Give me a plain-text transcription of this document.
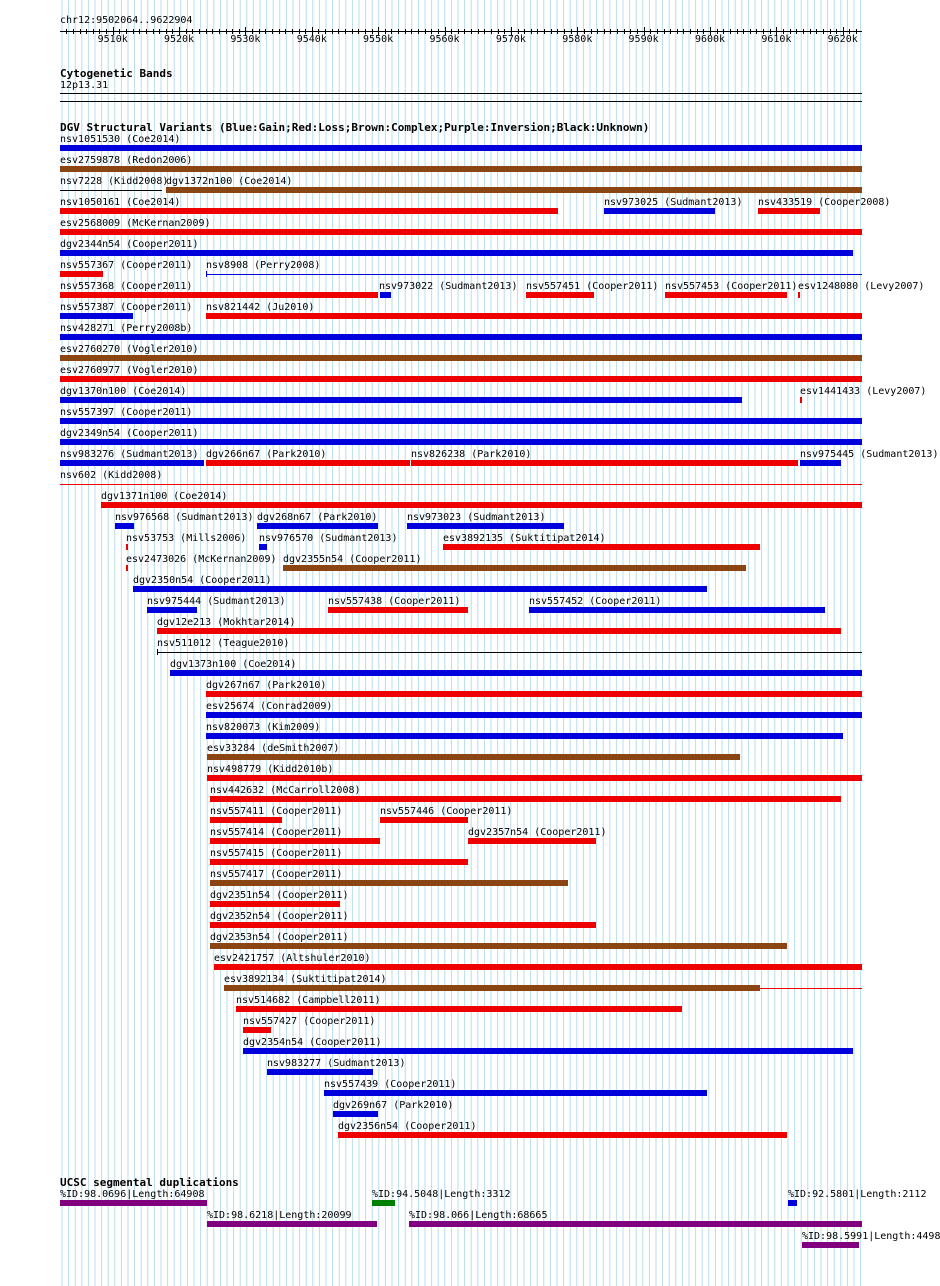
chr12:9502064..9622904
9510k	9520k	9530k	9540k	9550k	9560k	9570k	9580k	9590k	9600k	9610k	9620k
Cytogenetic Bands
12p13.31
DGV Structural Variants (Blue:Gain;Red:Loss;Brown:Complex;Purple:Inversion;Black:Unknown)
nsv1051530 (Coe2014)
esv2759878 (Redon2006)
nsv7228 (Kidd2008)
dgv1372n100 (Coe2014)
nsv1050161 (Coe2014)	nsv973025 (Sudmant2013) nsv433519 (Cooper2008)
esv2568009 (McKernan2009)
dgv2344n54 (Cooper2011)
nsv557367 (Cooper2011) nsv8908 (Perry2008)
nsv557368 (Cooper2011)	nsv973022 (Sudmant2013) nsv557451 (Cooper2011) nsv557453 (Cooper2011) esv1248080 (Levy2007)
nsv557387 (Cooper2011) nsv821442 (Ju2010)
nsv428271 (Perry2008b)
esv2760270 (Vogler2010)
esv2760977 (Vogler2010)
dgv1370n100 (Coe2014)	esv1441433 (Levy2007)
nsv557397 (Cooper2011)
dgv2349n54 (Cooper2011)
nsv983276 (Sudmant2013) dgv266n67 (Park2010)	nsv826238 (Park2010)	nsv975445 (Sudmant2013)
nsv602 (Kidd2008)
dgv1371n100 (Coe2014)
nsv976568 (Sudmant2013) dgv268n67 (Park2010)	nsv973023 (Sudmant2013)
nsv53753 (Mills2006) nsv976570 (Sudmant2013)	esv3892135 (Suktitipat2014)
esv2473026 (McKernan2009) dgv2355n54 (Cooper2011)
dgv2350n54 (Cooper2011)
nsv975444 (Sudmant2013)	nsv557438 (Cooper2011)	nsv557452 (Cooper2011)
dgv12e213 (Mokhtar2014)
nsv511012 (Teague2010)
dgv1373n100 (Coe2014)
dgv267n67 (Park2010)
esv25674 (Conrad2009)
nsv820073 (Kim2009)
esv33284 (deSmith2007)
nsv498779 (Kidd2010b)
nsv442632 (McCarroll2008)
nsv557411 (Cooper2011)	nsv557446 (Cooper2011)
nsv557414 (Cooper2011)	dgv2357n54 (Cooper2011)
nsv557415 (Cooper2011)
nsv557417 (Cooper2011)
dgv2351n54 (Cooper2011)
dgv2352n54 (Cooper2011)
dgv2353n54 (Cooper2011)
esv2421757 (Altshuler2010)
esv3892134 (Suktitipat2014)
nsv514682 (Campbell2011)
nsv557427 (Cooper2011)
dgv2354n54 (Cooper2011)
nsv983277 (Sudmant2013)
nsv557439 (Cooper2011)
dgv269n67 (Park2010)
dgv2356n54 (Cooper2011)
UCSC segmental duplications
%ID:98.0696|Length:64908	%ID:94.5048|Length:3312	%ID:92.5801|Length:2112
%ID:98.6218|Length:20099	%ID:98.066|Length:68665
%ID:98.5991|Length:4498
